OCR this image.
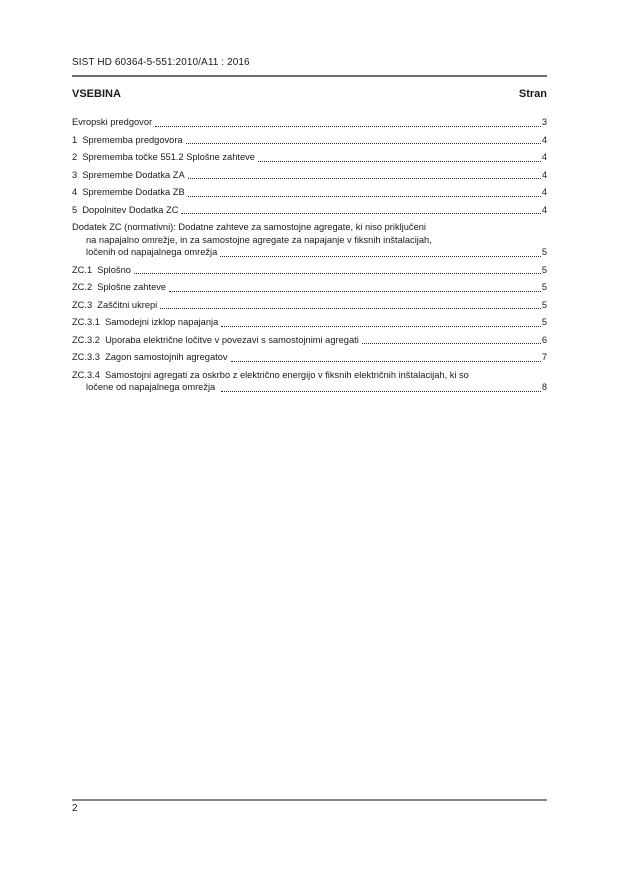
SIST HD 60364-5-551:2010/A11 : 2016
VSEBINA	Stran
Evropski predgovor	3
1  Sprememba predgovora	4
2  Sprememba točke 551.2 Splošne zahteve	4
3  Spremembe Dodatka ZA	4
4  Spremembe Dodatka ZB	4
5  Dopolnitev Dodatka ZC	4
Dodatek ZC (normativni): Dodatne zahteve za samostojne agregate, ki niso priključeni
na napajalno omrežje, in za samostojne agregate za napajanje v fiksnih inštalacijah,
ločenih od napajalnega omrežja	5
ZC.1  Splošno	5
ZC.2  Splošne zahteve	5
ZC.3  Zaščitni ukrepi	5
ZC.3.1  Samodejni izklop napajanja	5
ZC.3.2  Uporaba električne ločitve v povezavi s samostojnimi agregati	6
ZC.3.3  Zagon samostojnih agregatov	7
ZC.3.4  Samostojni agregati za oskrbo z električno energijo v fiksnih električnih inštalacijah, ki so
ločene od napajalnega omrežja	8
2
